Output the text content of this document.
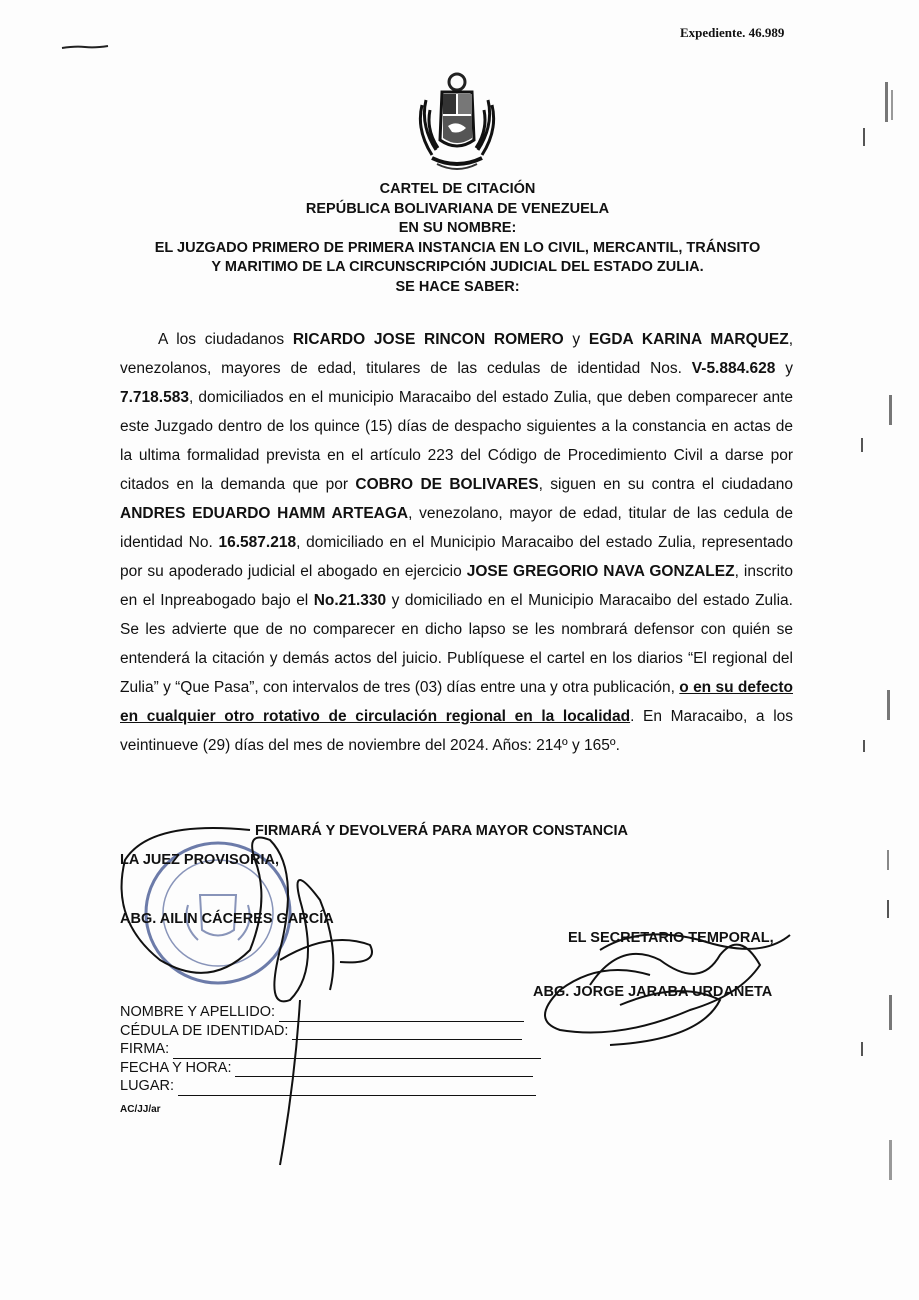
Expediente. 46.989
CARTEL DE CITACIÓN
REPÚBLICA BOLIVARIANA DE VENEZUELA
EN SU NOMBRE:
EL JUZGADO PRIMERO DE PRIMERA INSTANCIA EN LO CIVIL, MERCANTIL, TRÁNSITO
Y MARITIMO DE LA CIRCUNSCRIPCIÓN JUDICIAL DEL ESTADO ZULIA.
SE HACE SABER:

A los ciudadanos RICARDO JOSE RINCON ROMERO y EGDA KARINA MARQUEZ, venezolanos, mayores de edad, titulares de las cedulas de identidad Nos. V-5.884.628 y 7.718.583, domiciliados en el municipio Maracaibo del estado Zulia, que deben comparecer ante este Juzgado dentro de los quince (15) días de despacho siguientes a la constancia en actas de la ultima formalidad prevista en el artículo 223 del Código de Procedimiento Civil a darse por citados en la demanda que por COBRO DE BOLIVARES, siguen en su contra el ciudadano ANDRES EDUARDO HAMM ARTEAGA, venezolano, mayor de edad, titular de las cedula de identidad No. 16.587.218, domiciliado en el Municipio Maracaibo del estado Zulia, representado por su apoderado judicial el abogado en ejercicio JOSE GREGORIO NAVA GONZALEZ, inscrito en el Inpreabogado bajo el No.21.330 y domiciliado en el Municipio Maracaibo del estado Zulia. Se les advierte que de no comparecer en dicho lapso se les nombrará defensor con quién se entenderá la citación y demás actos del juicio. Publíquese el cartel en los diarios “El regional del Zulia” y “Que Pasa”, con intervalos de tres (03) días entre una y otra publicación, o en su defecto en cualquier otro rotativo de circulación regional en la localidad. En Maracaibo, a los veintinueve (29) días del mes de noviembre del 2024. Años: 214º y 165º.

FIRMARÁ Y DEVOLVERÁ PARA MAYOR CONSTANCIA
LA JUEZ PROVISORIA,
ABG. AILIN CÁCERES GARCÍA
EL SECRETARIO TEMPORAL,
ABG. JORGE JARABA URDANETA
NOMBRE Y APELLIDO:
CÉDULA DE IDENTIDAD:
FIRMA:
FECHA Y HORA:
LUGAR:
AC/JJ/ar
